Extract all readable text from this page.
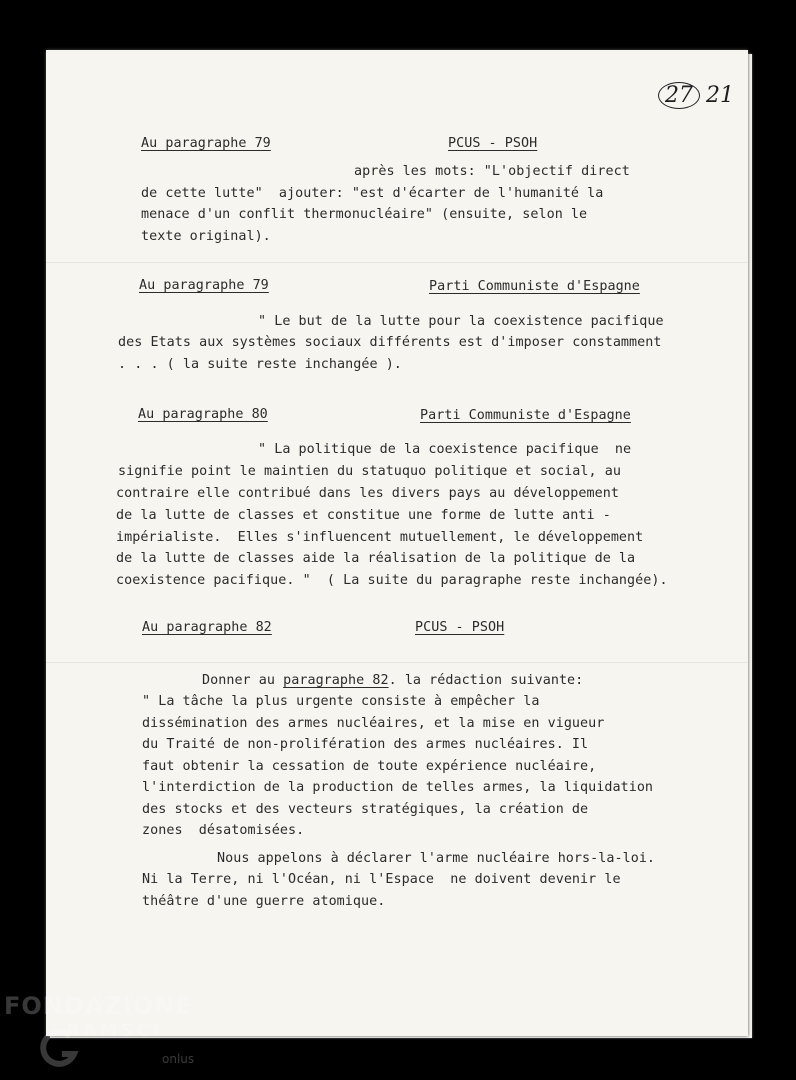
27 21
Au paragraphe 79	PCUS - PSOH
après les mots: "L'objectif direct
de cette lutte"  ajouter: "est d'écarter de l'humanité la
menace d'un conflit thermonucléaire" (ensuite, selon le
texte original).
Au paragraphe 79	Parti Communiste d'Espagne
" Le but de la lutte pour la coexistence pacifique
des Etats aux systèmes sociaux différents est d'imposer constamment
. . . ( la suite reste inchangée ).
Au paragraphe 80	Parti Communiste d'Espagne
" La politique de la coexistence pacifique  ne
signifie point le maintien du statuquo politique et social, au
contraire elle contribué dans les divers pays au développement
de la lutte de classes et constitue une forme de lutte anti -
impérialiste.  Elles s'influencent mutuellement, le développement
de la lutte de classes aide la réalisation de la politique de la
coexistence pacifique. "  ( La suite du paragraphe reste inchangée).
Au paragraphe 82	PCUS - PSOH
Donner au paragraphe 82. la rédaction suivante:
" La tâche la plus urgente consiste à empêcher la
dissémination des armes nucléaires, et la mise en vigueur
du Traité de non-prolifération des armes nucléaires. Il
faut obtenir la cessation de toute expérience nucléaire,
l'interdiction de la production de telles armes, la liquidation
des stocks et des vecteurs stratégiques, la création de
zones  désatomisées.
Nous appelons à déclarer l'arme nucléaire hors-la-loi.
Ni la Terre, ni l'Océan, ni l'Espace  ne doivent devenir le
théâtre d'une guerre atomique.
FONDAZIONE
RAMSCI
onlus
